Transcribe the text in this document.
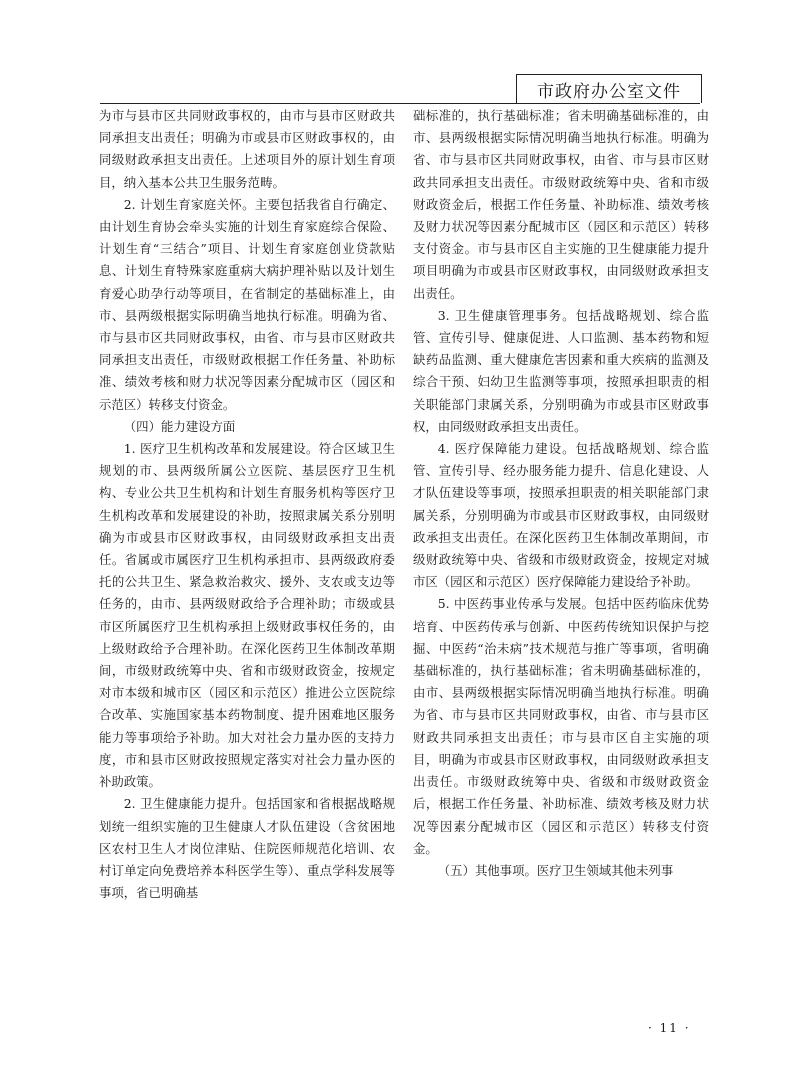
市政府办公室文件

为市与县市区共同财政事权的，由市与县市区财政共同承担支出责任；明确为市或县市区财政事权的，由同级财政承担支出责任。上述项目外的原计划生育项目，纳入基本公共卫生服务范畴。

2. 计划生育家庭关怀。主要包括我省自行确定、由计划生育协会牵头实施的计划生育家庭综合保险、计划生育“三结合”项目、计划生育家庭创业贷款贴息、计划生育特殊家庭重病大病护理补贴以及计划生育爱心助孕行动等项目，在省制定的基础标准上，由市、县两级根据实际明确当地执行标准。明确为省、市与县市区共同财政事权，由省、市与县市区财政共同承担支出责任，市级财政根据工作任务量、补助标准、绩效考核和财力状况等因素分配城市区（园区和示范区）转移支付资金。

（四）能力建设方面

1. 医疗卫生机构改革和发展建设。符合区域卫生规划的市、县两级所属公立医院、基层医疗卫生机构、专业公共卫生机构和计划生育服务机构等医疗卫生机构改革和发展建设的补助，按照隶属关系分别明确为市或县市区财政事权，由同级财政承担支出责任。省属或市属医疗卫生机构承担市、县两级政府委托的公共卫生、紧急救治救灾、援外、支农或支边等任务的，由市、县两级财政给予合理补助；市级或县市区所属医疗卫生机构承担上级财政事权任务的，由上级财政给予合理补助。在深化医药卫生体制改革期间，市级财政统筹中央、省和市级财政资金，按规定对市本级和城市区（园区和示范区）推进公立医院综合改革、实施国家基本药物制度、提升困难地区服务能力等事项给予补助。加大对社会力量办医的支持力度，市和县市区财政按照规定落实对社会力量办医的补助政策。

2. 卫生健康能力提升。包括国家和省根据战略规划统一组织实施的卫生健康人才队伍建设（含贫困地区农村卫生人才岗位津贴、住院医师规范化培训、农村订单定向免费培养本科医学生等）、重点学科发展等事项，省已明确基

础标准的，执行基础标准；省未明确基础标准的，由市、县两级根据实际情况明确当地执行标准。明确为省、市与县市区共同财政事权，由省、市与县市区财政共同承担支出责任。市级财政统筹中央、省和市级财政资金后，根据工作任务量、补助标准、绩效考核及财力状况等因素分配城市区（园区和示范区）转移支付资金。市与县市区自主实施的卫生健康能力提升项目明确为市或县市区财政事权，由同级财政承担支出责任。

3. 卫生健康管理事务。包括战略规划、综合监管、宣传引导、健康促进、人口监测、基本药物和短缺药品监测、重大健康危害因素和重大疾病的监测及综合干预、妇幼卫生监测等事项，按照承担职责的相关职能部门隶属关系，分别明确为市或县市区财政事权，由同级财政承担支出责任。

4. 医疗保障能力建设。包括战略规划、综合监管、宣传引导、经办服务能力提升、信息化建设、人才队伍建设等事项，按照承担职责的相关职能部门隶属关系，分别明确为市或县市区财政事权，由同级财政承担支出责任。在深化医药卫生体制改革期间，市级财政统筹中央、省级和市级财政资金，按规定对城市区（园区和示范区）医疗保障能力建设给予补助。

5. 中医药事业传承与发展。包括中医药临床优势培育、中医药传承与创新、中医药传统知识保护与挖掘、中医药“治未病”技术规范与推广等事项，省明确基础标准的，执行基础标准；省未明确基础标准的，由市、县两级根据实际情况明确当地执行标准。明确为省、市与县市区共同财政事权，由省、市与县市区财政共同承担支出责任；市与县市区自主实施的项目，明确为市或县市区财政事权，由同级财政承担支出责任。市级财政统筹中央、省级和市级财政资金后，根据工作任务量、补助标准、绩效考核及财力状况等因素分配城市区（园区和示范区）转移支付资金。

（五）其他事项。医疗卫生领域其他未列事

· 11 ·
